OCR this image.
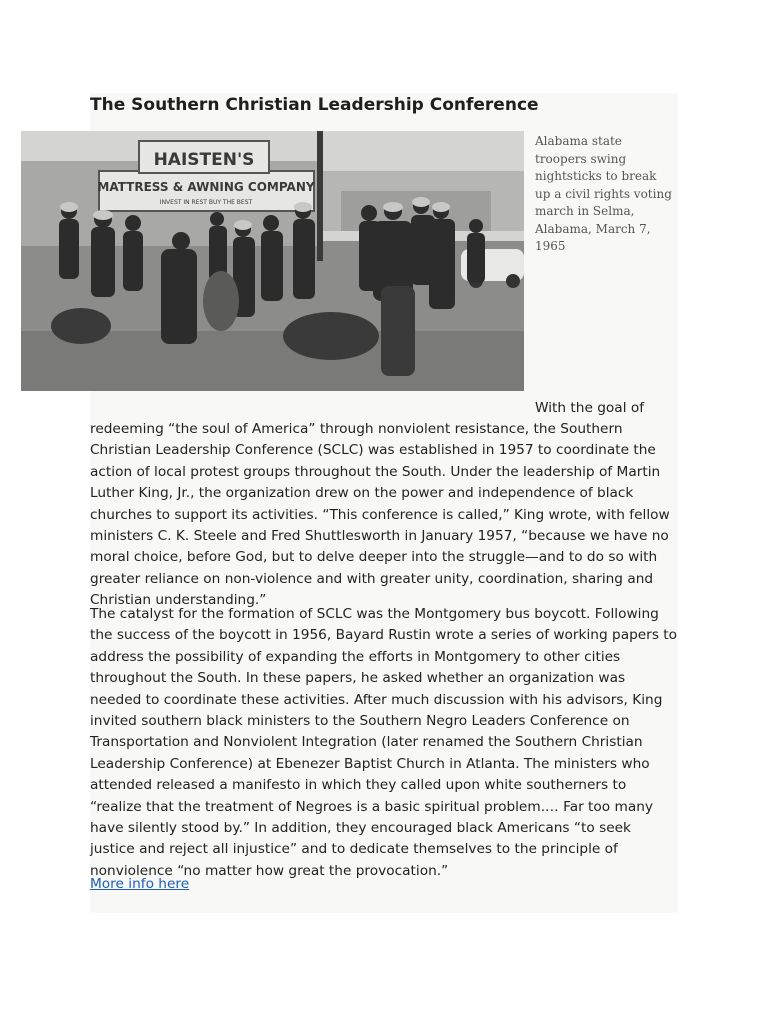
The Southern Christian Leadership Conference
HAISTEN'S
MATTRESS & AWNING COMPANY
INVEST IN REST BUY THE BEST

Alabama state troopers swing nightsticks to break up a civil rights voting march in Selma, Alabama, March 7, 1965

With the goal of

redeeming “the soul of America” through nonviolent resistance, the Southern Christian Leadership Conference (SCLC) was established in 1957 to coordinate the action of local protest groups throughout the South. Under the leadership of Martin Luther King, Jr., the organization drew on the power and independence of black churches to support its activities. “This conference is called,” King wrote, with fellow ministers C. K. Steele and Fred Shuttlesworth in January 1957, “because we have no moral choice, before God, but to delve deeper into the struggle—and to do so with greater reliance on non-violence and with greater unity, coordination, sharing and Christian understanding.”

The catalyst for the formation of SCLC was the Montgomery bus boycott. Following the success of the boycott in 1956, Bayard Rustin wrote a series of working papers to address the possibility of expanding the efforts in Montgomery to other cities throughout the South. In these papers, he asked whether an organization was needed to coordinate these activities. After much discussion with his advisors, King invited southern black ministers to the Southern Negro Leaders Conference on Transportation and Nonviolent Integration (later renamed the Southern Christian Leadership Conference) at Ebenezer Baptist Church in Atlanta. The ministers who attended released a manifesto in which they called upon white southerners to “realize that the treatment of Negroes is a basic spiritual problem.… Far too many have silently stood by.” In addition, they encouraged black Americans “to seek justice and reject all injustice” and to dedicate themselves to the principle of nonviolence “no matter how great the provocation.”

More info here
